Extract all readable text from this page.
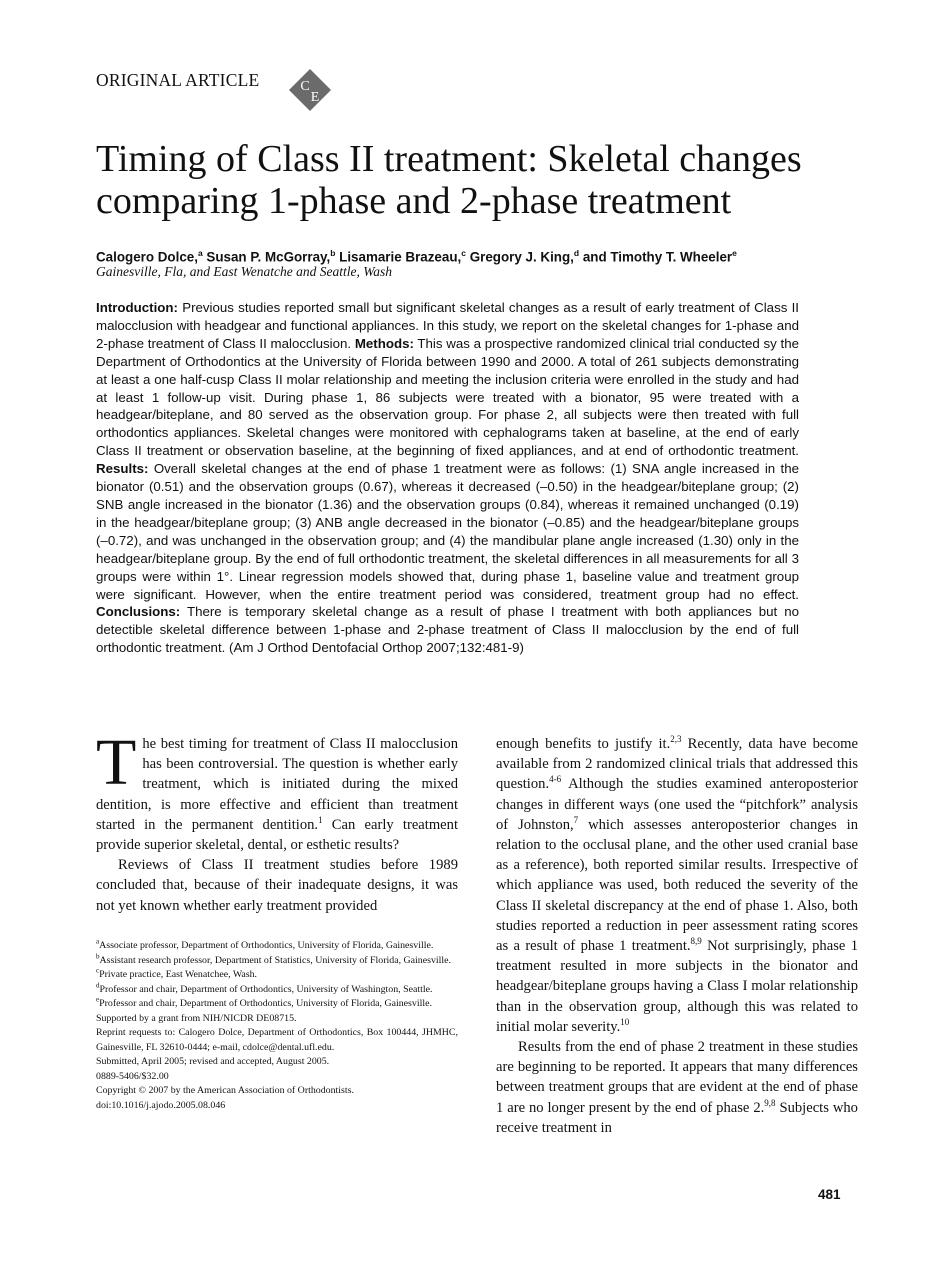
ORIGINAL ARTICLE	C
E
Timing of Class II treatment: Skeletal changes
comparing 1-phase and 2-phase treatment
Calogero Dolce,$^a$ Susan P. McGorray,$^b$ Lisamarie Brazeau,$^c$ Gregory J. King,$^d$ and Timothy T. Wheeler$^e$
Gainesville, Fla, and East Wenatche and Seattle, Wash
Introduction: Previous studies reported small but significant skeletal changes as a result of early treatment of Class II malocclusion with headgear and functional appliances. In this study, we report on the skeletal changes for 1-phase and 2-phase treatment of Class II malocclusion. Methods: This was a prospective randomized clinical trial conducted sy the Department of Orthodontics at the University of Florida between 1990 and 2000. A total of 261 subjects demonstrating at least a one half-cusp Class II molar relationship and meeting the inclusion criteria were enrolled in the study and had at least 1 follow-up visit. During phase 1, 86 subjects were treated with a bionator, 95 were treated with a headgear/biteplane, and 80 served as the observation group. For phase 2, all subjects were then treated with full orthodontics appliances. Skeletal changes were monitored with cephalograms taken at baseline, at the end of early Class II treatment or observation baseline, at the beginning of fixed appliances, and at end of orthodontic treatment. Results: Overall skeletal changes at the end of phase 1 treatment were as follows: (1) SNA angle increased in the bionator (0.51) and the observation groups (0.67), whereas it decreased (–0.50) in the headgear/biteplane group; (2) SNB angle increased in the bionator (1.36) and the observation groups (0.84), whereas it remained unchanged (0.19) in the headgear/biteplane group; (3) ANB angle decreased in the bionator (–0.85) and the headgear/biteplane groups (–0.72), and was unchanged in the observation group; and (4) the mandibular plane angle increased (1.30) only in the headgear/biteplane group. By the end of full orthodontic treatment, the skeletal differences in all measurements for all 3 groups were within 1°. Linear regression models showed that, during phase 1, baseline value and treatment group were significant. However, when the entire treatment period was considered, treatment group had no effect. Conclusions: There is temporary skeletal change as a result of phase I treatment with both appliances but no detectible skeletal difference between 1-phase and 2-phase treatment of Class II malocclusion by the end of full orthodontic treatment. (Am J Orthod Dentofacial Orthop 2007;132:481-9)

The best timing for treatment of Class II malocclusion has been controversial. The question is whether early treatment, which is initiated during the mixed dentition, is more effective and efficient than treatment started in the permanent dentition.$^1$ Can early treatment provide superior skeletal, dental, or esthetic results?

Reviews of Class II treatment studies before 1989 concluded that, because of their inadequate designs, it was not yet known whether early treatment provided

$^a$Associate professor, Department of Orthodontics, University of Florida, Gainesville.

$^b$Assistant research professor, Department of Statistics, University of Florida, Gainesville.

$^c$Private practice, East Wenatchee, Wash.

$^d$Professor and chair, Department of Orthodontics, University of Washington, Seattle.

$^e$Professor and chair, Department of Orthodontics, University of Florida, Gainesville.

Supported by a grant from NIH/NICDR DE08715.

Reprint requests to: Calogero Dolce, Department of Orthodontics, Box 100444, JHMHC, Gainesville, FL 32610-0444; e-mail, cdolce@dental.ufl.edu.

Submitted, April 2005; revised and accepted, August 2005.

0889-5406/$32.00

Copyright © 2007 by the American Association of Orthodontists.

doi:10.1016/j.ajodo.2005.08.046

enough benefits to justify it.$^{2,3}$ Recently, data have become available from 2 randomized clinical trials that addressed this question.$^{4-6}$ Although the studies examined anteroposterior changes in different ways (one used the “pitchfork” analysis of Johnston,$^7$ which assesses anteroposterior changes in relation to the occlusal plane, and the other used cranial base as a reference), both reported similar results. Irrespective of which appliance was used, both reduced the severity of the Class II skeletal discrepancy at the end of phase 1. Also, both studies reported a reduction in peer assessment rating scores as a result of phase 1 treatment.$^{8,9}$ Not surprisingly, phase 1 treatment resulted in more subjects in the bionator and headgear/biteplane groups having a Class I molar relationship than in the observation group, although this was related to initial molar severity.$^{10}$

Results from the end of phase 2 treatment in these studies are beginning to be reported. It appears that many differences between treatment groups that are evident at the end of phase 1 are no longer present by the end of phase 2.$^{9,8}$ Subjects who receive treatment in

481
